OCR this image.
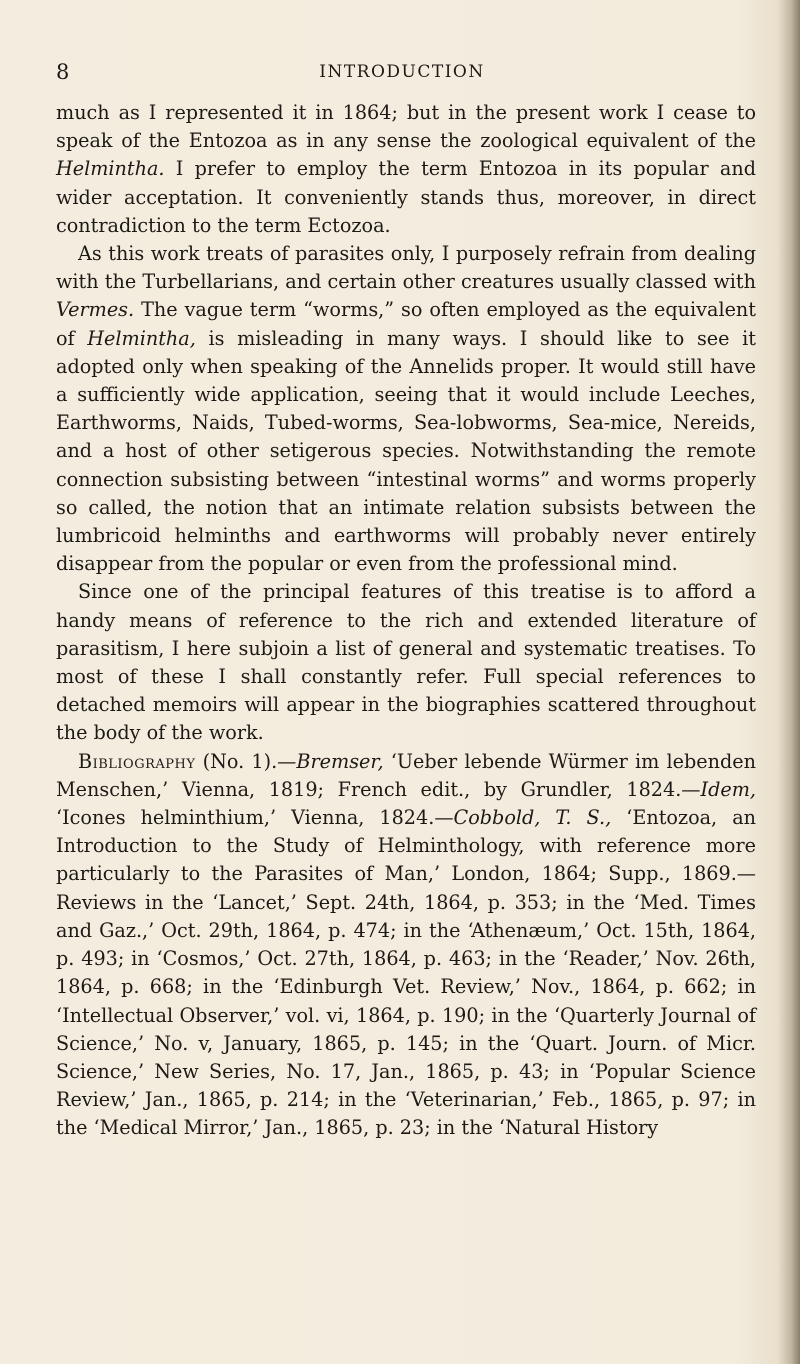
8	INTRODUCTION

much as I represented it in 1864; but in the present work I cease to speak of the Entozoa as in any sense the zoological equivalent of the Helmintha. I prefer to employ the term Entozoa in its popular and wider acceptation. It conveniently stands thus, moreover, in direct contradiction to the term Ectozoa.

As this work treats of parasites only, I purposely refrain from dealing with the Turbellarians, and certain other creatures usually classed with Vermes. The vague term “worms,” so often employed as the equivalent of Helmintha, is misleading in many ways. I should like to see it adopted only when speaking of the Annelids proper. It would still have a sufficiently wide application, seeing that it would include Leeches, Earthworms, Naids, Tubed-worms, Sea-lobworms, Sea-mice, Nereids, and a host of other setigerous species. Notwithstanding the remote connection subsisting between “intestinal worms” and worms properly so called, the notion that an intimate relation subsists between the lumbricoid helminths and earthworms will probably never entirely disappear from the popular or even from the professional mind.

Since one of the principal features of this treatise is to afford a handy means of reference to the rich and extended literature of parasitism, I here subjoin a list of general and systematic treatises. To most of these I shall constantly refer. Full special references to detached memoirs will appear in the biographies scattered throughout the body of the work.

Bibliography (No. 1).—Bremser, ‘Ueber lebende Würmer im lebenden Menschen,’ Vienna, 1819; French edit., by Grundler, 1824.—Idem, ‘Icones helminthium,’ Vienna, 1824.—Cobbold, T. S., ‘Entozoa, an Introduction to the Study of Helminthology, with reference more particularly to the Parasites of Man,’ London, 1864; Supp., 1869.—Reviews in the ‘Lancet,’ Sept. 24th, 1864, p. 353; in the ‘Med. Times and Gaz.,’ Oct. 29th, 1864, p. 474; in the ‘Athenæum,’ Oct. 15th, 1864, p. 493; in ‘Cosmos,’ Oct. 27th, 1864, p. 463; in the ‘Reader,’ Nov. 26th, 1864, p. 668; in the ‘Edinburgh Vet. Review,’ Nov., 1864, p. 662; in ‘Intellectual Observer,’ vol. vi, 1864, p. 190; in the ‘Quarterly Journal of Science,’ No. v, January, 1865, p. 145; in the ‘Quart. Journ. of Micr. Science,’ New Series, No. 17, Jan., 1865, p. 43; in ‘Popular Science Review,’ Jan., 1865, p. 214; in the ‘Veterinarian,’ Feb., 1865, p. 97; in the ‘Medical Mirror,’ Jan., 1865, p. 23; in the ‘Natural History
